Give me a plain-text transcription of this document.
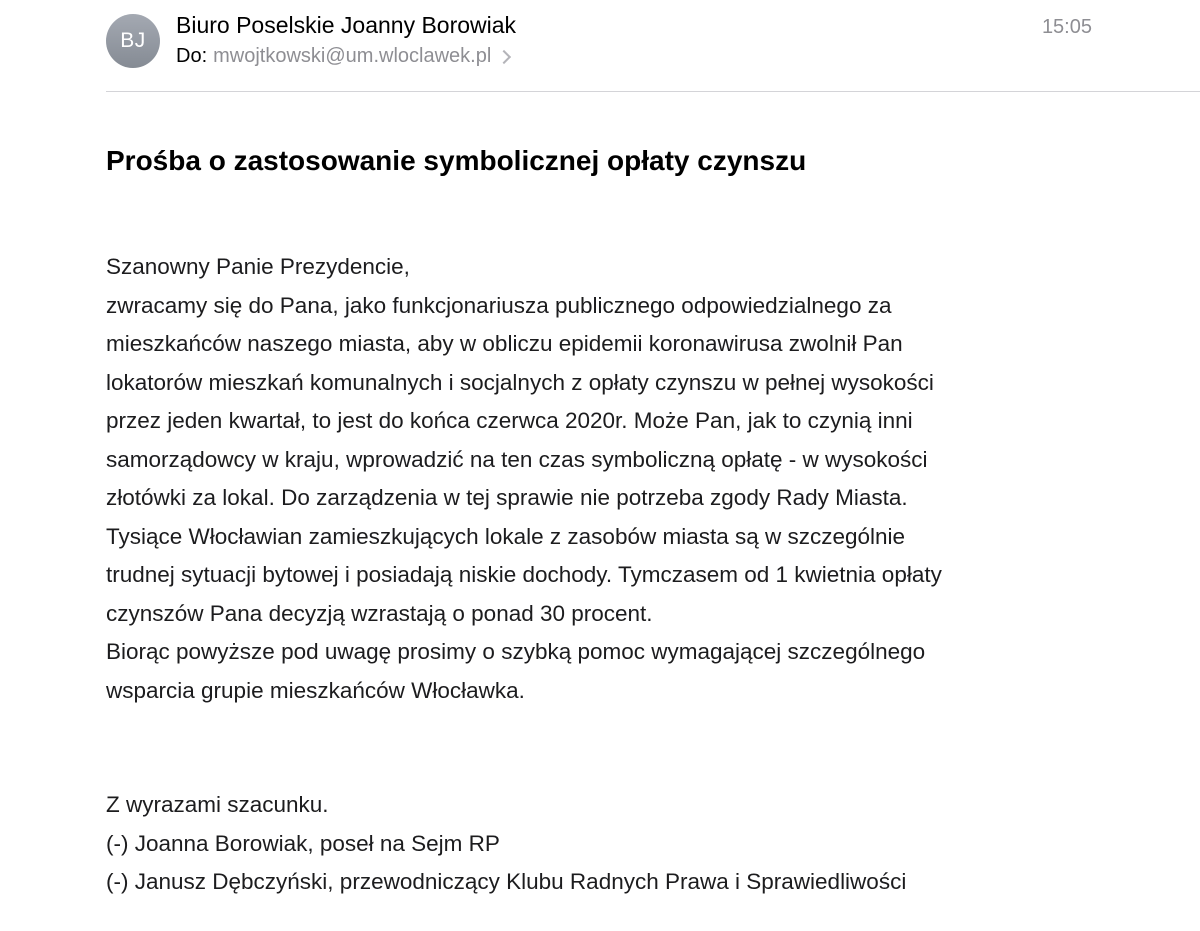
BJ
Biuro Poselskie Joanny Borowiak
Do: mwojtkowski@um.wloclawek.pl
15:05
Prośba o zastosowanie symbolicznej opłaty czynszu
Szanowny Panie Prezydencie,
zwracamy się do Pana, jako funkcjonariusza publicznego odpowiedzialnego za
mieszkańców naszego miasta, aby w obliczu epidemii koronawirusa zwolnił Pan
lokatorów mieszkań komunalnych i socjalnych z opłaty czynszu w pełnej wysokości
przez jeden kwartał, to jest do końca czerwca 2020r. Może Pan, jak to czynią inni
samorządowcy w kraju, wprowadzić na ten czas symboliczną opłatę - w wysokości
złotówki za lokal. Do zarządzenia w tej sprawie nie potrzeba zgody Rady Miasta.
Tysiące Włocławian zamieszkujących lokale z zasobów miasta są w szczególnie
trudnej sytuacji bytowej i posiadają niskie dochody. Tymczasem od 1 kwietnia opłaty
czynszów Pana decyzją wzrastają o ponad 30 procent.
Biorąc powyższe pod uwagę prosimy o szybką pomoc wymagającej szczególnego
wsparcia grupie mieszkańców Włocławka.
Z wyrazami szacunku.
(-) Joanna Borowiak, poseł na Sejm RP
(-) Janusz Dębczyński, przewodniczący Klubu Radnych Prawa i Sprawiedliwości
